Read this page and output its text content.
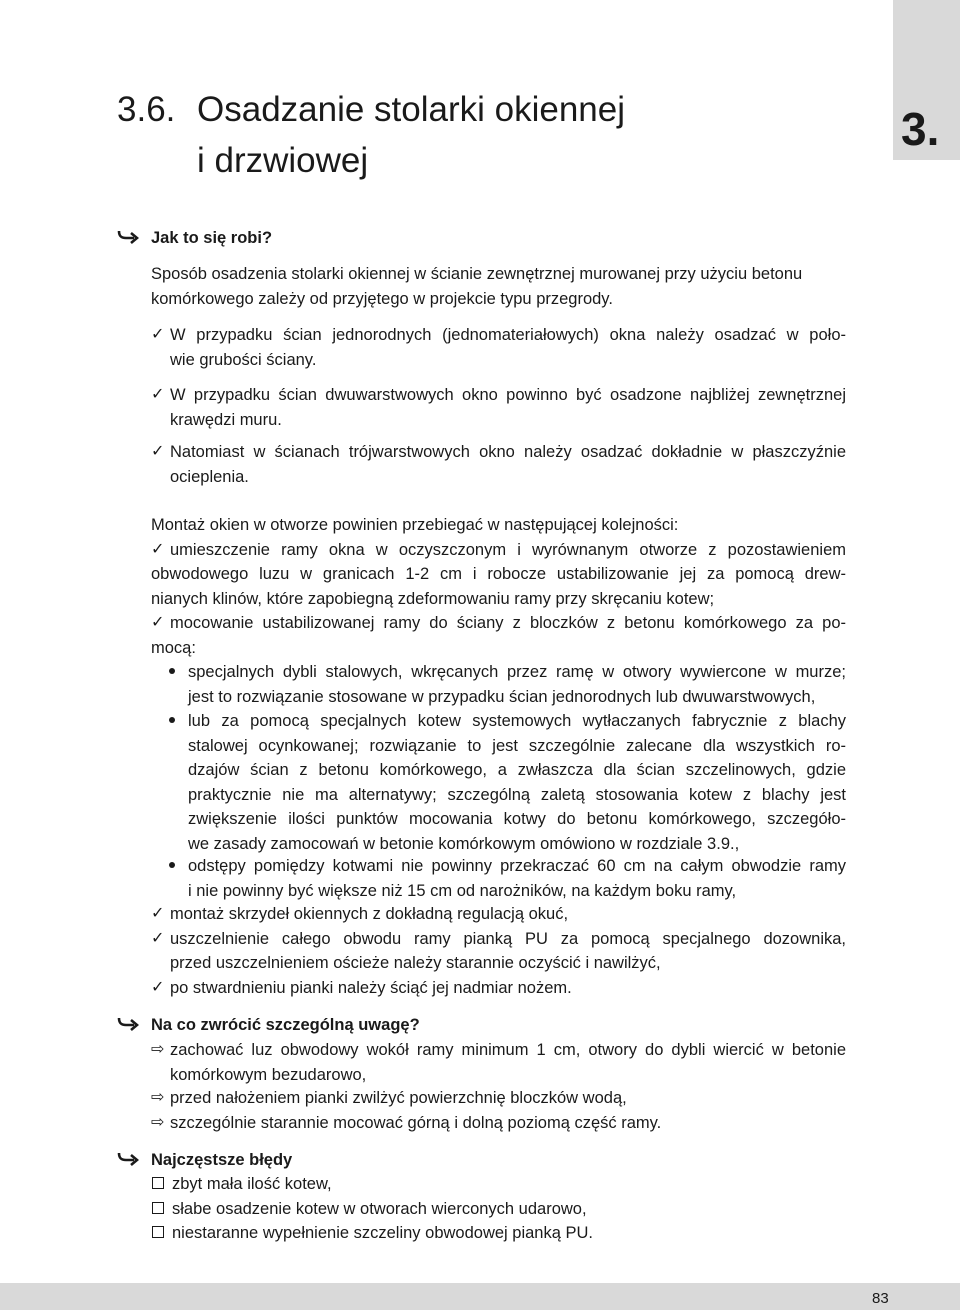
3.
3.6. Osadzanie stolarki okiennej
i drzwiowej
Jak to się robi?
Sposób osadzenia stolarki okiennej w ścianie zewnętrznej murowanej przy użyciu betonu
komórkowego zależy od przyjętego w projekcie typu przegrody.
✓ W przypadku ścian jednorodnych (jednomateriałowych) okna należy osadzać w poło-
wie grubości ściany.
✓ W przypadku ścian dwuwarstwowych okno powinno być osadzone najbliżej zewnętrznej
krawędzi muru.
✓ Natomiast w ścianach trójwarstwowych okno należy osadzać dokładnie w płaszczyźnie
ocieplenia.
Montaż okien w otworze powinien przebiegać w następującej kolejności:
✓ umieszczenie ramy okna w oczyszczonym i wyrównanym otworze z pozostawieniem
obwodowego luzu w granicach 1-2 cm i robocze ustabilizowanie jej za pomocą drew-
nianych klinów, które zapobiegną zdeformowaniu ramy przy skręcaniu kotew;
✓ mocowanie ustabilizowanej ramy do ściany z bloczków z betonu komórkowego za po-
mocą:
specjalnych dybli stalowych, wkręcanych przez ramę w otwory wywiercone w murze;
jest to rozwiązanie stosowane w przypadku ścian jednorodnych lub dwuwarstwowych,
lub za pomocą specjalnych kotew systemowych wytłaczanych fabrycznie z blachy
stalowej ocynkowanej; rozwiązanie to jest szczególnie zalecane dla wszystkich ro-
dzajów ścian z betonu komórkowego, a zwłaszcza dla ścian szczelinowych, gdzie
praktycznie nie ma alternatywy; szczególną zaletą stosowania kotew z blachy jest
zwiększenie ilości punktów mocowania kotwy do betonu komórkowego, szczegóło-
we zasady zamocowań w betonie komórkowym omówiono w rozdziale 3.9.,
odstępy pomiędzy kotwami nie powinny przekraczać 60 cm na całym obwodzie ramy
i nie powinny być większe niż 15 cm od narożników, na każdym boku ramy,
✓ montaż skrzydeł okiennych z dokładną regulacją okuć,
✓ uszczelnienie całego obwodu ramy pianką PU za pomocą specjalnego dozownika,
przed uszczelnieniem ościeże należy starannie oczyścić i nawilżyć,
✓ po stwardnieniu pianki należy ściąć jej nadmiar nożem.
Na co zwrócić szczególną uwagę?
⇨ zachować luz obwodowy wokół ramy minimum 1 cm, otwory do dybli wiercić w betonie
komórkowym bezudarowo,
⇨ przed nałożeniem pianki zwilżyć powierzchnię bloczków wodą,
⇨ szczególnie starannie mocować górną i dolną poziomą część ramy.
Najczęstsze błędy
zbyt mała ilość kotew,
słabe osadzenie kotew w otworach wierconych udarowo,
niestaranne wypełnienie szczeliny obwodowej pianką PU.
83
